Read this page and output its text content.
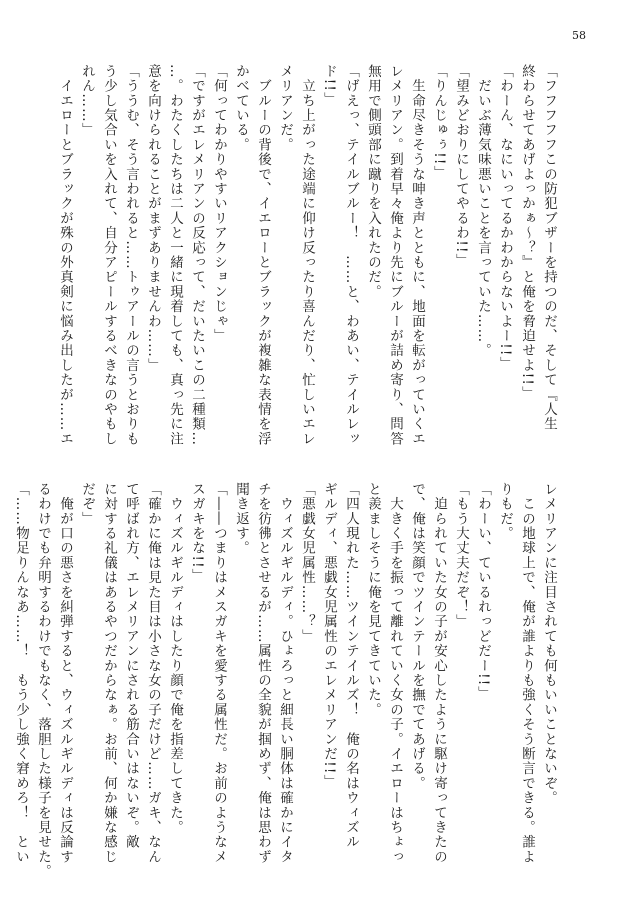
58
「フフフフフこの防犯ブザーを持つのだ、そして『人生
終わらせてあげよっかぁ〜？』と俺を脅迫せよ!!」
「わーん、なにいってるかわからないよー!!」
　だいぶ薄気味悪いことを言っていた……。
「望みどおりにしてやるわ!!」
「りんじゅぅ!!」
　生命尽きそうな呻き声とともに、地面を転がっていくエ
レメリアン。到着早々俺より先にブルーが詰め寄り、問答
無用で側頭部に蹴りを入れたのだ。
「げえっ、テイルブルー！　……と、わあい、テイルレッ
ド!!」
　立ち上がった途端に仰け反ったり喜んだり、忙しいエレ
メリアンだ。
　ブルーの背後で、イエローとブラックが複雑な表情を浮
かべている。
「何ってわかりやすいリアクションじゃ」
「ですがエレメリアンの反応って、だいたいこの二種類…
…。わたくしたちは二人と一緒に現着しても、真っ先に注
意を向けられることがまずありませんわ……」
「ううむ、そう言われると……トゥアールの言うとおりも
う少し気合いを入れて、自分アピールするべきなのやもし
れん……」
　イエローとブラックが殊の外真剣に悩み出したが……エ
レメリアンに注目されても何もいいことないぞ。
　この地球上で、俺が誰よりも強くそう断言できる。誰よ
りもだ。
「わーい、ているれっどだー!!」
「もう大丈夫だぞ！」
　迫られていた女の子が安心したように駆け寄ってきたの
で、俺は笑顔でツインテールを撫でてあげる。
　大きく手を振って離れていく女の子。イエローはちょっ
と羨ましそうに俺を見てきていた。
「四人現れた……ツインテイルズ！　俺の名はウィズル
ギルディ、悪戯女児属性のエレメリアンだ!!」
「悪戯女児属性……？」
　ウィズルギルディ。ひょろっと細長い胴体は確かにイタ
チを彷彿とさせるが……属性の全貌が掴めず、俺は思わず
聞き返す。
「――つまりはメスガキを愛する属性だ。お前のようなメ
スガキをな!!」
　ウィズルギルディはしたり顔で俺を指差してきた。
「確かに俺は見た目は小さな女の子だけど……ガキ、なん
て呼ばれ方、エレメリアンにされる筋合いはないぞ。敵
に対する礼儀はあるやつだからなぁ。お前、何か嫌な感じ
だぞ」
　俺が口の悪さを糾弾すると、ウィズルギルディは反論す
るわけでも弁明するわけでもなく、落胆した様子を見せた。
「……物足りんなあ……！　もう少し強く窘めろ！　とい
